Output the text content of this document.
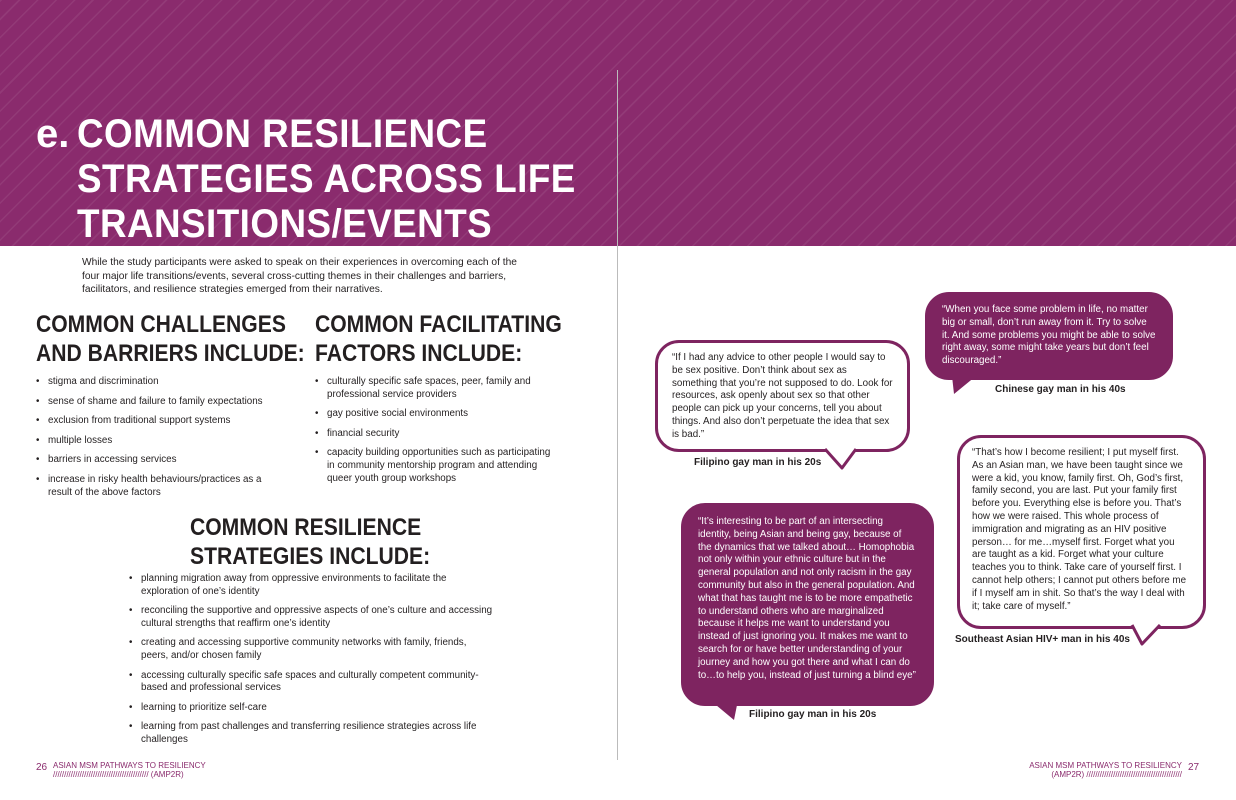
e. COMMON RESILIENCE
STRATEGIES ACROSS LIFE
TRANSITIONS/EVENTS
While the study participants were asked to speak on their experiences in overcoming each of the four major life transitions/events, several cross-cutting themes in their challenges and barriers, facilitators, and resilience strategies emerged from their narratives.
COMMON CHALLENGES
AND BARRIERS INCLUDE:
• stigma and discrimination
• sense of shame and failure to family expectations
• exclusion from traditional support systems
• multiple losses
• barriers in accessing services
• increase in risky health behaviours/practices as a result of the above factors
COMMON FACILITATING
FACTORS INCLUDE:
• culturally specific safe spaces, peer, family and professional service providers
• gay positive social environments
• financial security
• capacity building opportunities such as participating in community mentorship program and attending queer youth group workshops
COMMON RESILIENCE
STRATEGIES INCLUDE:
• planning migration away from oppressive environments to facilitate the exploration of one’s identity
• reconciling the supportive and oppressive aspects of one’s culture and accessing cultural strengths that reaffirm one’s identity
• creating and accessing supportive community networks with family, friends, peers, and/or chosen family
• accessing culturally specific safe spaces and culturally competent community-based and professional services
• learning to prioritize self-care
• learning from past challenges and transferring resilience strategies across life challenges
“When you face some problem in life, no matter big or small, don’t run away from it. Try to solve it. And some problems you might be able to solve right away, some might take years but don’t feel discouraged.”
Chinese gay man in his 40s
“If I had any advice to other people I would say to be sex positive. Don’t think about sex as something that you’re not supposed to do. Look for resources, ask openly about sex so that other people can pick up your concerns, tell you about things. And also don’t perpetuate the idea that sex is bad.”
Filipino gay man in his 20s
“That’s how I become resilient; I put myself first. As an Asian man, we have been taught since we were a kid, you know, family first. Oh, God’s first, family second, you are last. Put your family first before you. Everything else is before you. That’s how we were raised. This whole process of immigration and migrating as an HIV positive person… for me…myself first. Forget what you are taught as a kid. Forget what your culture teaches you to think. Take care of yourself first. I cannot help others; I cannot put others before me if I myself am in shit. So that’s the way I deal with it; take care of myself.”
Southeast Asian HIV+ man in his 40s
“It’s interesting to be part of an intersecting identity, being Asian and being gay, because of the dynamics that we talked about… Homophobia not only within your ethnic culture but in the general population and not only racism in the gay community but also in the general population. And what that has taught me is to be more empathetic to understand others who are marginalized because it helps me want to understand you instead of just ignoring you. It makes me want to search for or have better understanding of your journey and how you got there and what I can do to…to help you, instead of just turning a blind eye”
Filipino gay man in his 20s
26 ASIAN MSM PATHWAYS TO RESILIENCY
/////////////////////////////////////////// (AMP2R)
ASIAN MSM PATHWAYS TO RESILIENCY
(AMP2R) ///////////////////////////////////////////
27
